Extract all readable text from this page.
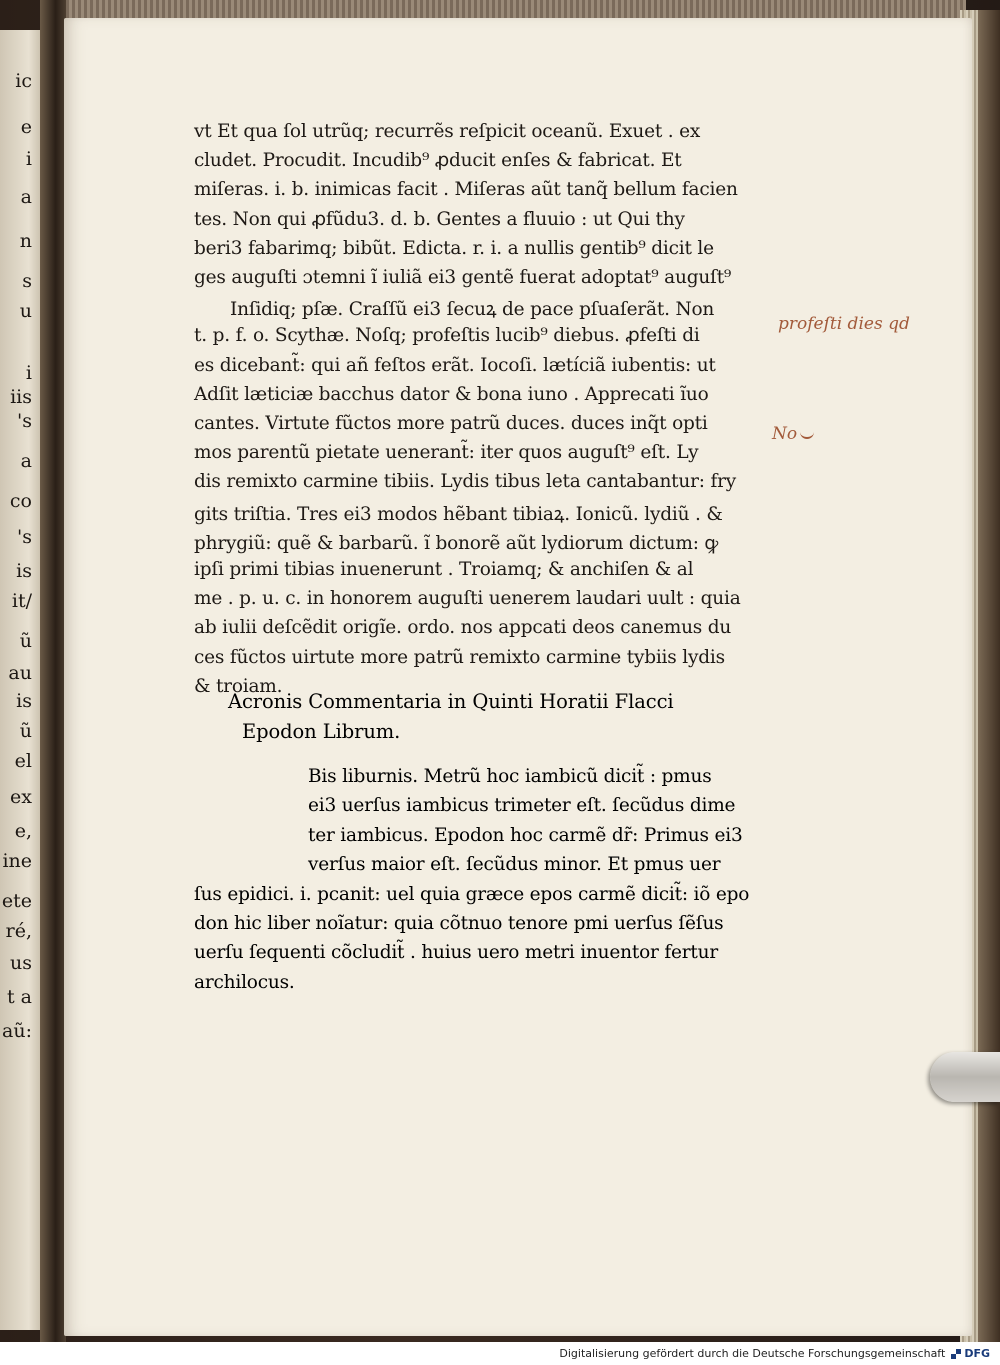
ic
e
i
a
n
s
u
i
iis
's
a
co
's
is
it/
ũ
au
is
ũ
el
ex
e,
ine
ete
ré,
us
t a
aũ:
vt Et qua ſol utrũq; recurrẽs reſpicit oceanũ. Exuet . ex
cludet. Procudit. Incudib⁹ ꝓducit enſes & fabricat. Et
miſeras. i. b. inimicas facit . Miſeras aũt tanq̃ bellum facien
tes. Non qui ꝓfũdu3. d. b. Gentes a fluuio : ut Qui thy
beri3 fabarimq; bibũt. Edicta. r. i. a nullis gentib⁹ dicit le
ges auguſti ɔtemni ĩ iuliã ei3 gentẽ fuerat adoptat⁹ auguſt⁹
Inſidiq; pſæ. Craſſũ ei3 ſecuꝝ de pace pſuaſerãt. Non
t. p. f. o. Scythæ. Noſq; profeſtis lucib⁹ diebus. ꝓfeſti di
es dicebant̃: qui añ feſtos erãt. Iocoſi. lætíciã iubentis: ut
Adſit læticiæ bacchus dator & bona iuno . Apprecati ĩuo
cantes. Virtute fũctos more patrũ duces. duces inq̃t opti
mos parentũ pietate uenerant̃: iter quos auguſt⁹ eſt. Ly
dis remixto carmine tibiis. Lydis tibus leta cantabantur: fry
gits triſtia. Tres ei3 modos hẽbant tibiaꝝ. Ionicũ. lydiũ . &
phrygiũ: quẽ & barbarũ. ĩ bonorẽ aũt lydiorum dictum: ꝙ
ipſi primi tibias inuenerunt . Troiamq; & anchiſen & al
me . p. u. c. in honorem auguſti uenerem laudari uult : quia
ab iulii deſcẽdit origĩe. ordo. nos appcati deos canemus du
ces fũctos uirtute more patrũ remixto carmine tybiis lydis
& troiam.
Acronis Commentaria in Quinti Horatii Flacci
Epodon Librum.
Bis liburnis. Metrũ hoc iambicũ dicit̃ : pmus
ei3 uerſus iambicus trimeter eſt. ſecũdus dime
ter iambicus. Epodon hoc carmẽ dr̃: Primus ei3
verſus maior eſt. ſecũdus minor. Et pmus uer
ſus epidici. i. pcanit: uel quia græce epos carmẽ dicit̃: iõ epo
don hic liber noĩatur: quia cõtnuo tenore pmi uerſus ſẽſus
uerſu ſequenti cõcludit̃ . huius uero metri inuentor fertur
archilocus.
profeſti dies qd
No
Digitalisierung gefördert durch die Deutsche Forschungsgemeinschaft DFG
